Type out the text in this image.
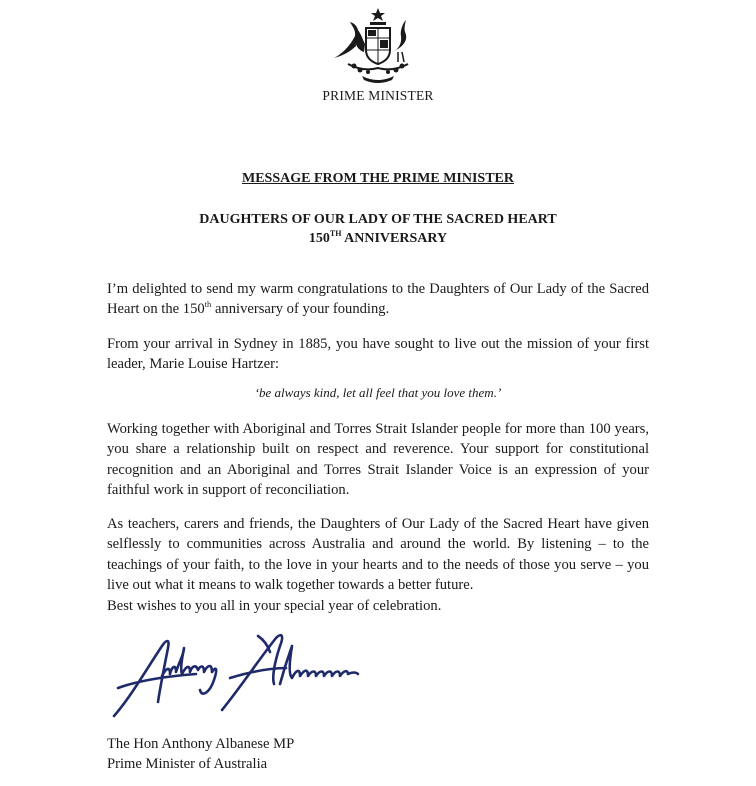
PRIME MINISTER
MESSAGE FROM THE PRIME MINISTER
DAUGHTERS OF OUR LADY OF THE SACRED HEART
150TH ANNIVERSARY

I’m delighted to send my warm congratulations to the Daughters of Our Lady of the Sacred Heart on the 150th anniversary of your founding.

From your arrival in Sydney in 1885, you have sought to live out the mission of your first leader, Marie Louise Hartzer:

‘be always kind, let all feel that you love them.’

Working together with Aboriginal and Torres Strait Islander people for more than 100 years, you share a relationship built on respect and reverence. Your support for constitutional recognition and an Aboriginal and Torres Strait Islander Voice is an expression of your faithful work in support of reconciliation.

As teachers, carers and friends, the Daughters of Our Lady of the Sacred Heart have given selflessly to communities across Australia and around the world. By listening – to the teachings of your faith, to the love in your hearts and to the needs of those you serve – you live out what it means to walk together towards a better future.

Best wishes to you all in your special year of celebration.

The Hon Anthony Albanese MP
Prime Minister of Australia
